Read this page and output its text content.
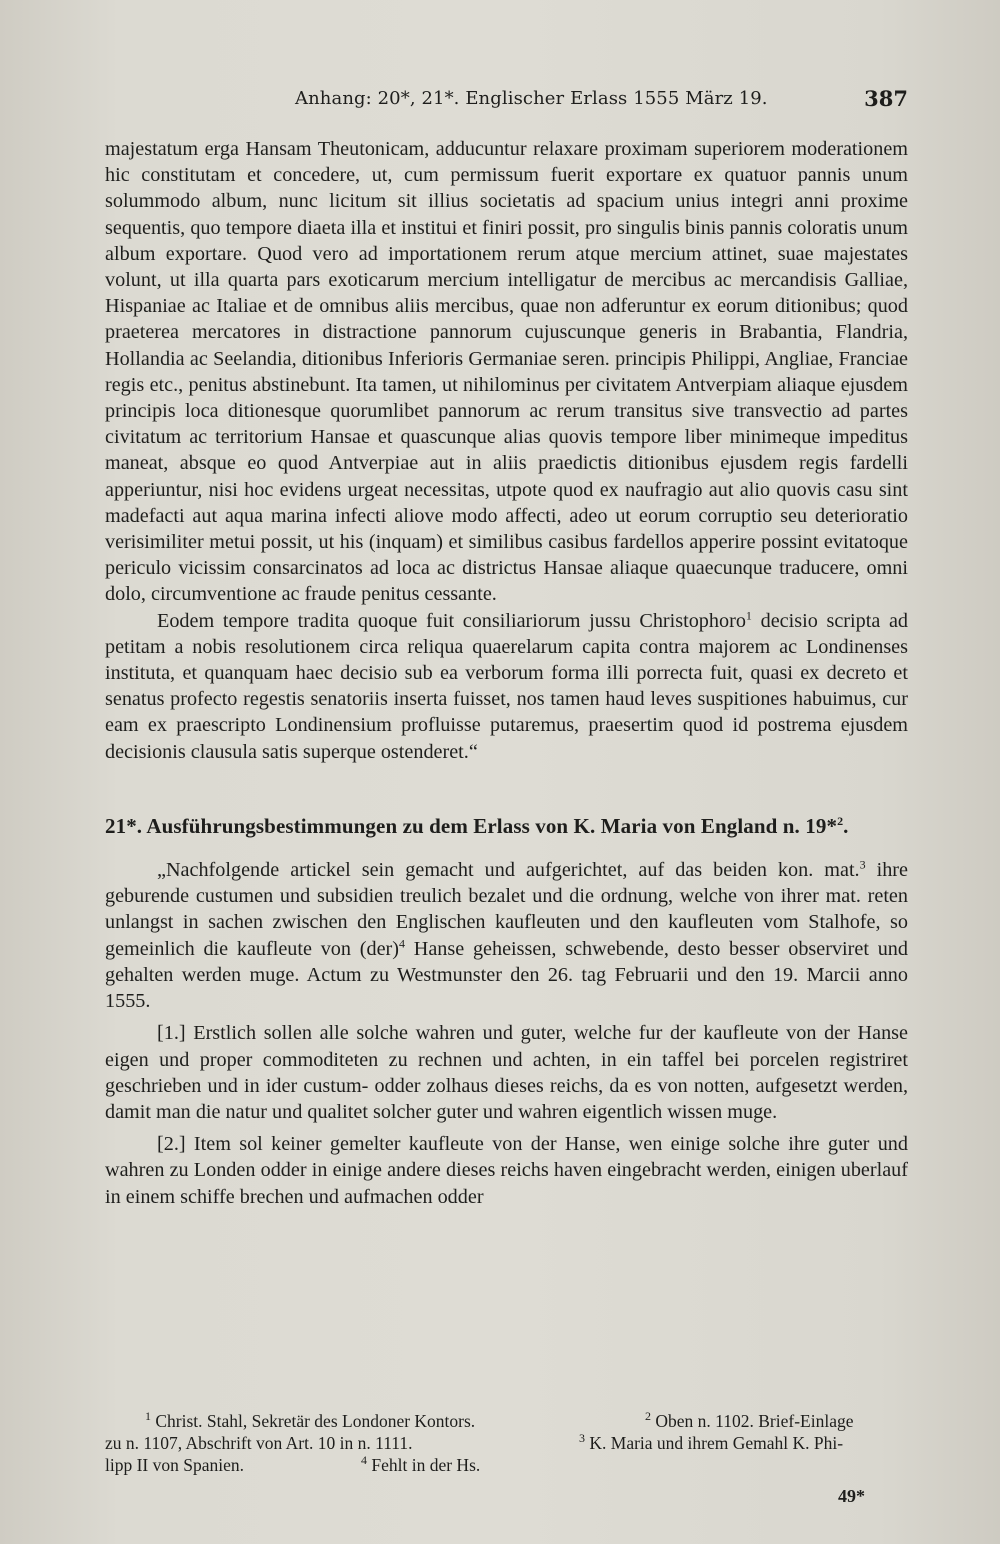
Anhang: 20*, 21*. Englischer Erlass 1555 März 19.	387

majestatum erga Hansam Theutonicam, adducuntur relaxare proximam superiorem moderationem hic constitutam et concedere, ut, cum permissum fuerit exportare ex quatuor pannis unum solummodo album, nunc licitum sit illius societatis ad spacium unius integri anni proxime sequentis, quo tempore diaeta illa et institui et finiri possit, pro singulis binis pannis coloratis unum album exportare. Quod vero ad importationem rerum atque mercium attinet, suae majestates volunt, ut illa quarta pars exoticarum mercium intelligatur de mercibus ac mercandisis Galliae, Hispaniae ac Italiae et de omnibus aliis mercibus, quae non adferuntur ex eorum ditionibus; quod praeterea mercatores in distractione pannorum cujuscunque generis in Brabantia, Flandria, Hollandia ac Seelandia, ditionibus Inferioris Germaniae seren. principis Philippi, Angliae, Franciae regis etc., penitus abstinebunt. Ita tamen, ut nihilominus per civitatem Antverpiam aliaque ejusdem principis loca ditionesque quorumlibet pannorum ac rerum transitus sive transvectio ad partes civitatum ac territorium Hansae et quascunque alias quovis tempore liber minimeque impeditus maneat, absque eo quod Antverpiae aut in aliis praedictis ditionibus ejusdem regis fardelli apperiuntur, nisi hoc evidens urgeat necessitas, utpote quod ex naufragio aut alio quovis casu sint madefacti aut aqua marina infecti aliove modo affecti, adeo ut eorum corruptio seu deterioratio verisimiliter metui possit, ut his (inquam) et similibus casibus fardellos apperire possint evitatoque periculo vicissim consarcinatos ad loca ac districtus Hansae aliaque quaecunque traducere, omni dolo, circumventione ac fraude penitus cessante.

Eodem tempore tradita quoque fuit consiliariorum jussu Christophoro$^1$ decisio scripta ad petitam a nobis resolutionem circa reliqua quaerelarum capita contra majorem ac Londinenses instituta, et quanquam haec decisio sub ea verborum forma illi porrecta fuit, quasi ex decreto et senatus profecto regestis senatoriis inserta fuisset, nos tamen haud leves suspitiones habuimus, cur eam ex praescripto Londinensium profluisse putaremus, praesertim quod id postrema ejusdem decisionis clausula satis superque ostenderet.“

21*. Ausführungsbestimmungen zu dem Erlass von K. Maria von England n. 19*$^2$.

„Nachfolgende artickel sein gemacht und aufgerichtet, auf das beiden kon. mat.$^3$ ihre geburende custumen und subsidien treulich bezalet und die ordnung, welche von ihrer mat. reten unlangst in sachen zwischen den Englischen kaufleuten und den kaufleuten vom Stalhofe, so gemeinlich die kaufleute von (der)$^4$ Hanse geheissen, schwebende, desto besser observiret und gehalten werden muge. Actum zu Westmunster den 26. tag Februarii und den 19. Marcii anno 1555.

[1.] Erstlich sollen alle solche wahren und guter, welche fur der kaufleute von der Hanse eigen und proper commoditeten zu rechnen und achten, in ein taffel bei porcelen registriret geschrieben und in ider custum- odder zolhaus dieses reichs, da es von notten, aufgesetzt werden, damit man die natur und qualitet solcher guter und wahren eigentlich wissen muge.

[2.] Item sol keiner gemelter kaufleute von der Hanse, wen einige solche ihre guter und wahren zu Londen odder in einige andere dieses reichs haven eingebracht werden, einigen uberlauf in einem schiffe brechen und aufmachen odder

$^1$ Christ. Stahl, Sekretär des Londoner Kontors.	$^2$ Oben n. 1102. Brief-Einlage
zu n. 1107, Abschrift von Art. 10 in n. 1111.	$^3$ K. Maria und ihrem Gemahl K. Phi-
lipp II von Spanien.	$^4$ Fehlt in der Hs.
49*
